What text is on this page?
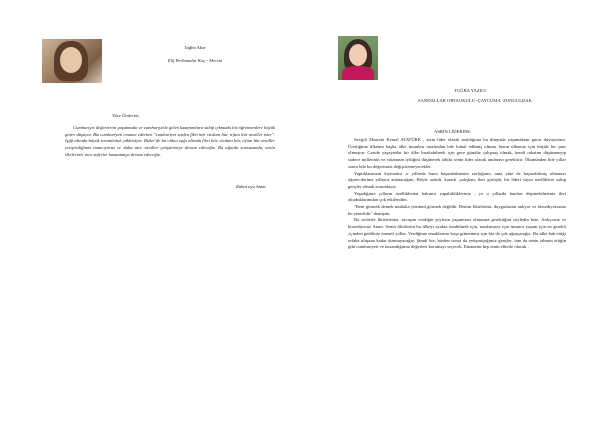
Tuğba Akar
Elif Perlamalar Koç - Mersin
Yüce Önderim,

Cumhuriyet değerlerini yaşatmada ve cumhuriyetle gelen kazanımlara sahip çıkmada biz öğretmenlere büyük görev düşüyor. Biz cumhuriyeti emanet ederken "cumhuriyet sizden fikri hür vicdanı hür, irfanı hür nesiller ister". İşiği altında büyük sorumluluk yüklüniyör. Bizler'de bu olduo ışığı altında fikri hür, vicdanı hür, irfanı hür nesiller yetiştirdiğimiz inancıyoruz ve daha nice nesiller yetiştirmeye devam edeceğiz. Bu uğurda sonsuzunda, senin ilkelerinle nice zaferler kazanmaya devam edeceğiz.

Rahat uyu Atam
TUĞBA YAZICI
SANDALLAR ORTAOKULU -ÇAYCUMA -ZONGULDAK
ASRIN LİDERİNE;

Sevgili Mustafa Kemal ATATÜRK , sizin lider olarak anıldığınız bu dünyada yaşamaktan gurur duyuyorum. Ürettiğiniz ülkenin başka ülke insanları tarafından bile kabul edilmiş olması bizim ülkemiz için büyük bir şans olmuştur. Geride yaşayanlar bir ülke bırakabilmek için gece gündüz çalışmış olmak, kendi rahatını düşünmeyip sadece milletinin ve vatanının iyiliğini düşünerek tabiki senin lider olarak anılmayı gerektirir. Ölümünden bile yıllar sonra bile bu değerimizi değiştiremeyecekler.

Yaptıklarınızın kıymetini ,o yıllarda bunu başarabilmenin zorluğunu, ama yine de başarabilmiş olmanızı öğrencilerime yıllarca anlatacağım. Böyle azimli, kararlı ,çalışkan, ileri görüşlü, bir lideri sayın özelliklere sahip gençler olmak zorundayız.

Yaşadığınız yılların özelliklerine bakınca yapabildikleriniz , ye o yıllarda bunları düşünebilmeniz ileri okuduklarımdan çok etkilendim.

"Beni görmek demek mutlaka yüzümü görmek değildir. Benim fikirlerimi, duygularımı anlıyor ve hissediyorsanız bu yeterlidir" demiştin.

Bu sözlerle fikirlerinizi, savaşını verdiğin şeylerin yaşanması olmasına gerektiğini söyledin bize. Anlıyoruz ve hissediyoruz Atam. Senin fikirlerini bu ülkeyi ayakta tutabilmek için, nasılsmıyız için insanca yaşam için en gerekli ,içinden gediliniz önemli yollar. Verdiğiniz emaklarımı boşa gitmemesi için biz de çok uğraşacağız. Bu ülke hak ettiği refaha ulaşana kadar durmayacağız. Şimdi biz, bizden sonra da yetişmiçeğimiz gençler, tam da senin tahmin ettiğin gibi cumhuriyeti ve kazandığımız değerleri korumayı seçecek. Emanetin hep emin ellerde olacak .
